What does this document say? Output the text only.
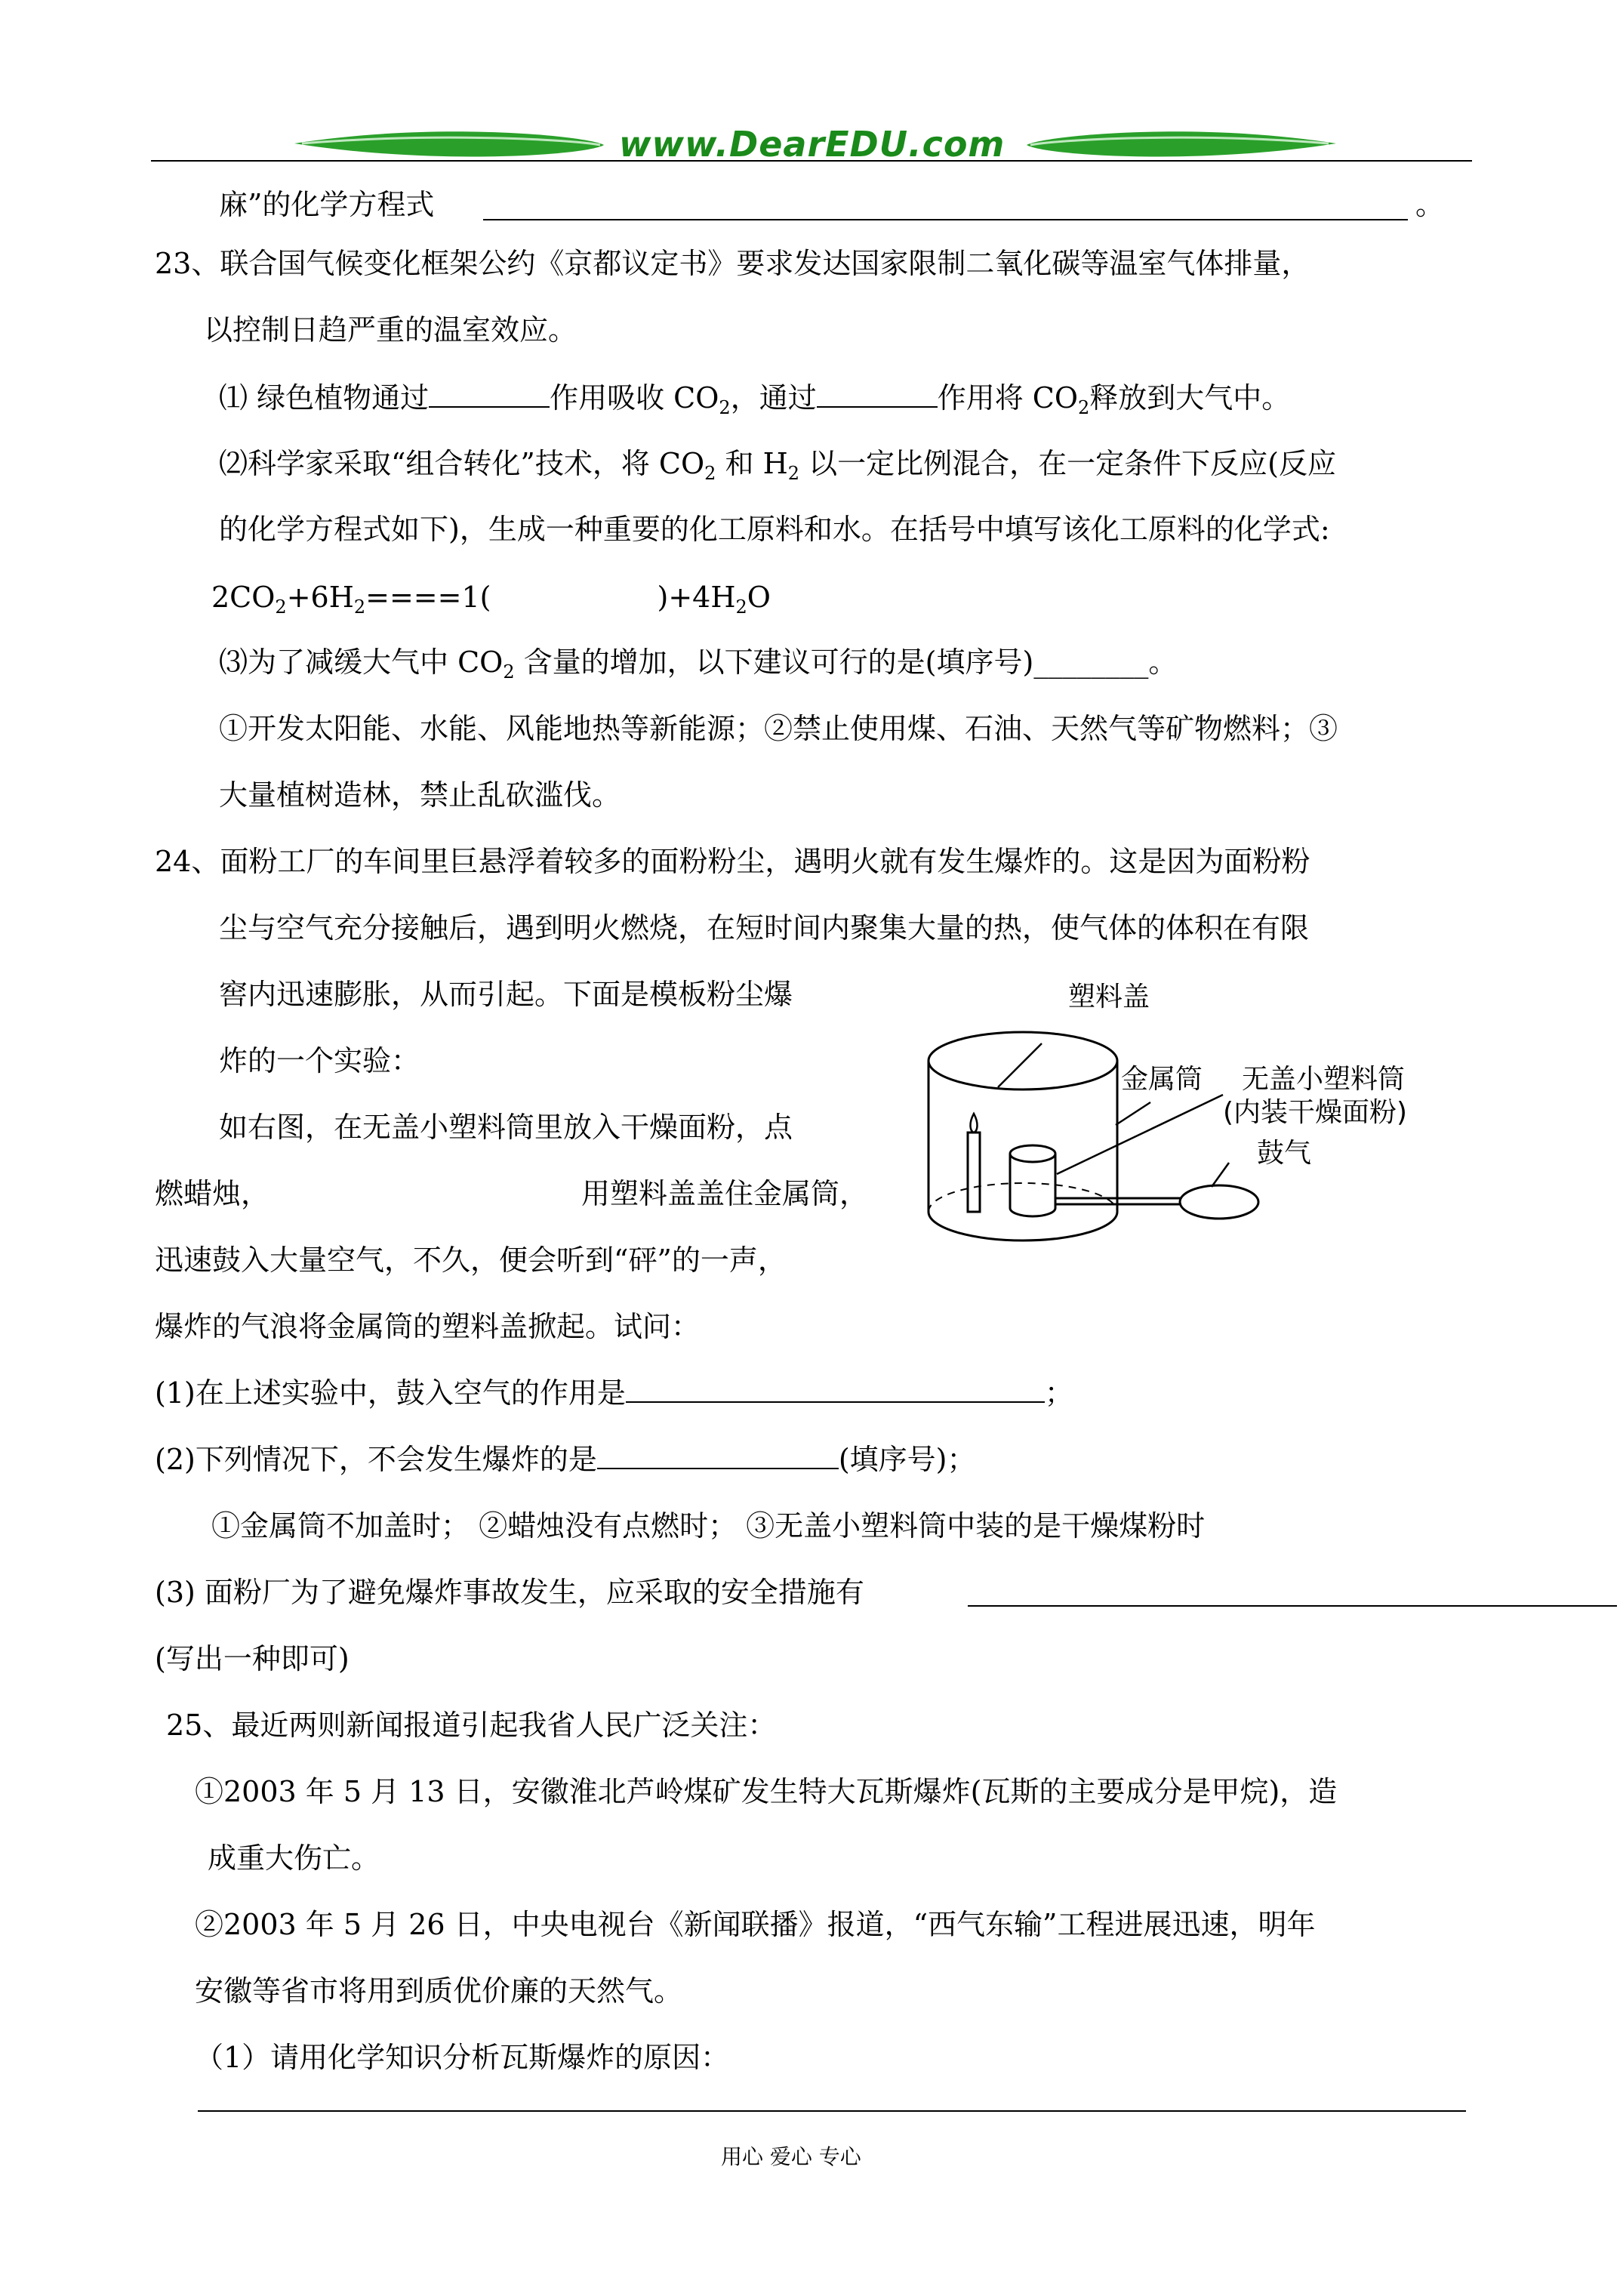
www.DearEDU.com
麻”的化学方程式	。
23、联合国气候变化框架公约《京都议定书》要求发达国家限制二氧化碳等温室气体排量，
以控制日趋严重的温室效应。
⑴ 绿色植物通过	作用吸收 $CO_2$，通过	作用将 $CO_2$释放到大气中。
⑵科学家采取“组合转化”技术，将 $CO_2$ 和 $H_2$ 以一定比例混合，在一定条件下反应(反应
的化学方程式如下)，生成一种重要的化工原料和水。在括号中填写该化工原料的化学式:
$2CO_2+6H_2====1$(	)$+4H_2O$
⑶为了减缓大气中 $CO_2$ 含量的增加，以下建议可行的是(填序号)________。
①开发太阳能、水能、风能地热等新能源；②禁止使用煤、石油、天然气等矿物燃料；③
大量植树造林，禁止乱砍滥伐。
24、面粉工厂的车间里巨悬浮着较多的面粉粉尘，遇明火就有发生爆炸的。这是因为面粉粉
尘与空气充分接触后，遇到明火燃烧，在短时间内聚集大量的热，使气体的体积在有限
窖内迅速膨胀，从而引起。下面是模板粉尘爆
炸的一个实验：
如右图，在无盖小塑料筒里放入干燥面粉，点
燃蜡烛，	用塑料盖盖住金属筒，
迅速鼓入大量空气，不久，便会听到“砰”的一声，
爆炸的气浪将金属筒的塑料盖掀起。试问：
塑料盖
金属筒 无盖小塑料筒
(内装干燥面粉)
鼓气
(1)在上述实验中，鼓入空气的作用是	；
(2)下列情况下，不会发生爆炸的是	(填序号)；
①金属筒不加盖时； ②蜡烛没有点燃时； ③无盖小塑料筒中装的是干燥煤粉时
(3) 面粉厂为了避免爆炸事故发生，应采取的安全措施有
(写出一种即可)
25、最近两则新闻报道引起我省人民广泛关注：
①2003 年 5 月 13 日，安徽淮北芦岭煤矿发生特大瓦斯爆炸(瓦斯的主要成分是甲烷)，造
成重大伤亡。
②2003 年 5 月 26 日，中央电视台《新闻联播》报道，“西气东输”工程进展迅速，明年
安徽等省市将用到质优价廉的天然气。
（1）请用化学知识分析瓦斯爆炸的原因：
用心 爱心 专心
